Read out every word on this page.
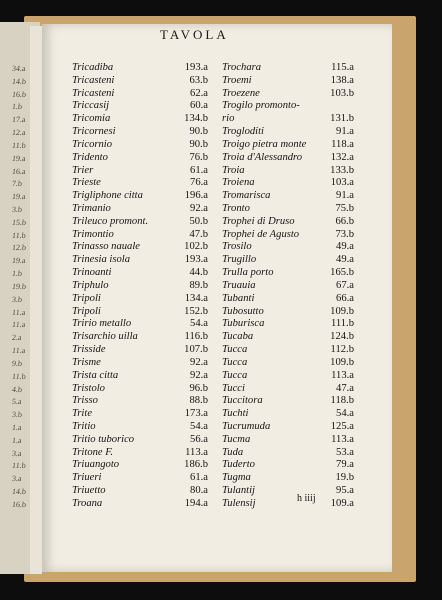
34.a
14.b
16.b
1.b
17.a
12.a
11.b
19.a
16.a
7.b
19.a
3.b
15.b
11.b
12.b
19.a
1.b
19.b
3.b
11.a
11.a
2.a
11.a
9.b
11.b
4.b
5.a
3.b
1.a
1.a
3.a
11.b
3.a
14.b
16.b
TAVOLA
Tricadiba	193.a
Tricasteni	63.b
Tricasteni	62.a
Triccasij	60.a
Tricomia	134.b
Tricornesi	90.b
Tricornio	90.b
Tridento	76.b
Trier	61.a
Trieste	76.a
Trigliphone citta	196.a
Trimanio	92.a
Trileuco promont.	50.b
Trimontio	47.b
Trinasso nauale	102.b
Trinesia isola	193.a
Trinoanti	44.b
Triphulo	89.b
Tripoli	134.a
Tripoli	152.b
Tririo metallo	54.a
Trisarchio uilla	116.b
Trisside	107.b
Trisme	92.a
Trista citta	92.a
Tristolo	96.b
Trisso	88.b
Trite	173.a
Tritio	54.a
Tritio tuborico	56.a
Tritone F.	113.a
Triuangoto	186.b
Triueri	61.a
Triuetto	80.a
Troana	194.a
Trochara	115.a
Troemi	138.a
Troezene	103.b
Trogilo promonto-
rio	131.b
Trogloditi	91.a
Troigo pietra monte	118.a
Troia d'Alessandro	132.a
Troia	133.b
Troiena	103.a
Tromarisca	91.a
Tronto	75.b
Trophei di Druso	66.b
Trophei de Agusto	73.b
Trosilo	49.a
Trugillo	49.a
Trulla porto	165.b
Truauia	67.a
Tubanti	66.a
Tubosutto	109.b
Tuburisca	111.b
Tucaba	124.b
Tucca	112.b
Tucca	109.b
Tucca	113.a
Tucci	47.a
Tuccitora	118.b
Tuchti	54.a
Tucrumuda	125.a
Tucma	113.a
Tuda	53.a
Tuderto	79.a
Tugma	19.b
Tulantij	95.a
Tulensij	109.a
h iiij
